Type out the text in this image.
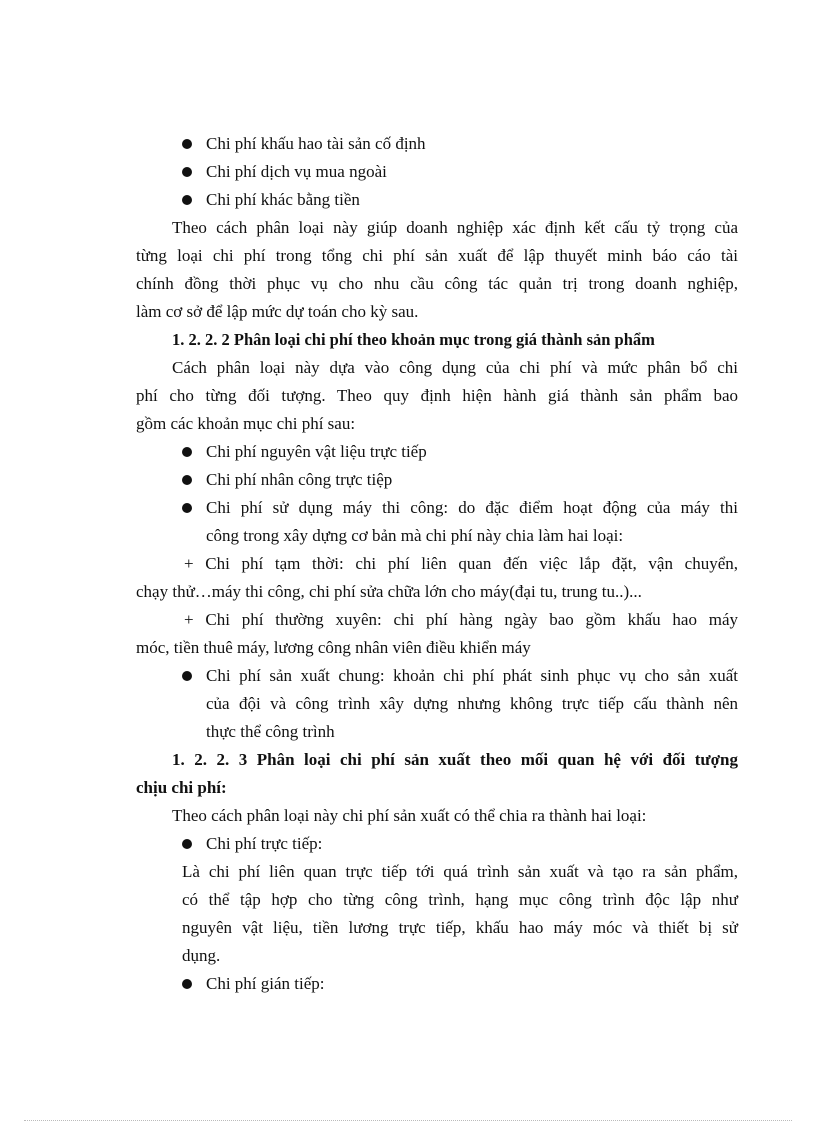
Chi phí khấu hao tài sản cố định
Chi phí dịch vụ mua ngoài
Chi phí khác bằng tiền
Theo cách phân loại này giúp doanh nghiệp xác định kết cấu tỷ trọng của
từng loại chi phí trong tổng chi phí sản xuất để lập thuyết minh báo cáo tài
chính đồng thời phục vụ cho nhu cầu công tác quản trị trong doanh nghiệp,
làm cơ sở để lập mức dự toán cho kỳ sau.
1. 2. 2. 2 Phân loại chi phí theo khoản mục trong giá thành sản phẩm
Cách phân loại này dựa vào công dụng của chi phí và mức phân bổ chi
phí cho từng đối tượng. Theo quy định hiện hành giá thành sản phẩm bao
gồm các khoản mục chi phí sau:
Chi phí nguyên vật liệu trực tiếp
Chi phí nhân công trực tiệp
Chi phí sử dụng máy thi công: do đặc điểm hoạt động của máy thi
công trong xây dựng cơ bản mà chi phí này chia làm hai loại:
+ Chi phí tạm thời: chi phí liên quan đến việc lắp đặt, vận chuyển,
chạy thử…máy thi công, chi phí sửa chữa lớn cho máy(đại tu, trung tu..)...
+ Chi phí thường xuyên: chi phí hàng ngày bao gồm khấu hao máy
móc, tiền thuê máy, lương công nhân viên điều khiển máy
Chi phí sản xuất chung: khoản chi phí phát sinh phục vụ cho sản xuất
của đội và công trình xây dựng nhưng không trực tiếp cấu thành nên
thực thể công trình
1. 2. 2. 3 Phân loại chi phí sản xuất theo mối quan hệ với đối tượng
chịu chi phí:
Theo cách phân loại này chi phí sản xuất có thể chia ra thành hai loại:
Chi phí trực tiếp:
Là chi phí liên quan trực tiếp tới quá trình sản xuất và tạo ra sản phẩm,
có thể tập hợp cho từng công trình, hạng mục công trình độc lập như
nguyên vật liệu, tiền lương trực tiếp, khấu hao máy móc và thiết bị sử
dụng.
Chi phí gián tiếp:
